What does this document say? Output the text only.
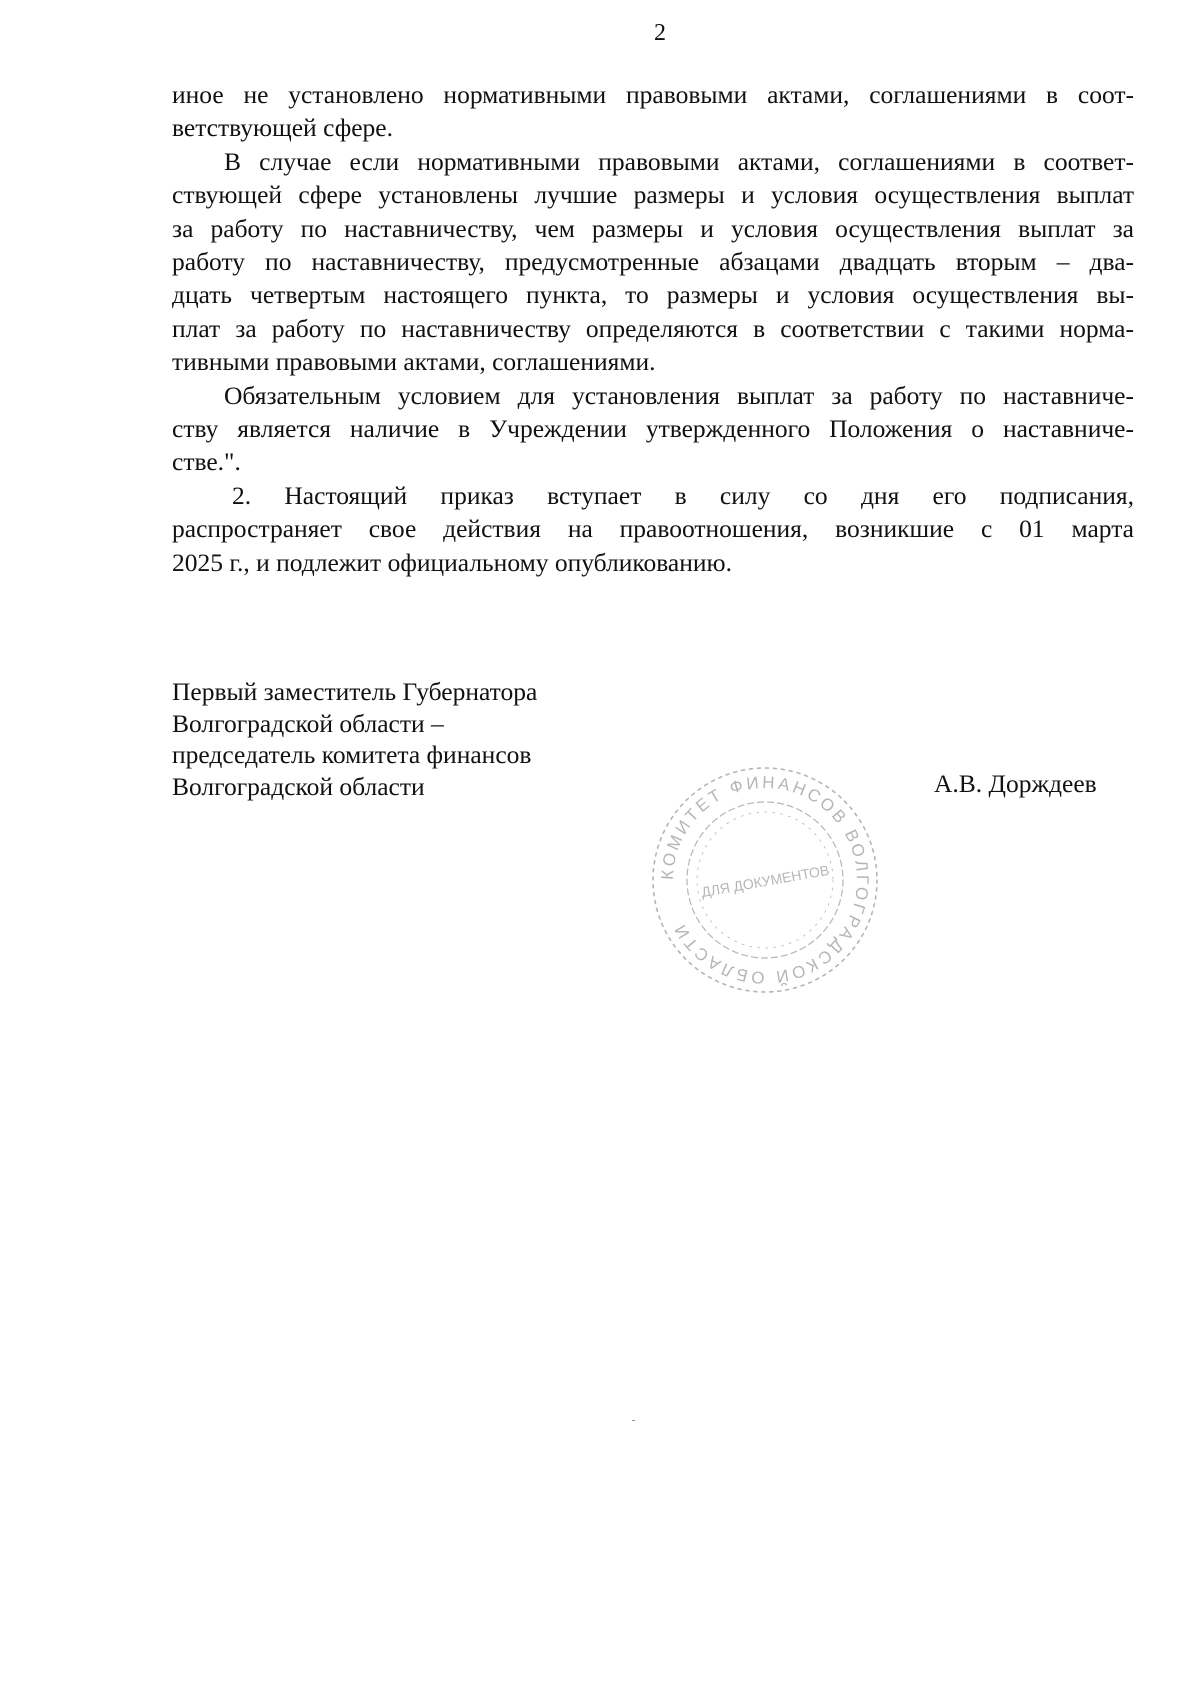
2

иное не установлено нормативными правовыми актами, соглашениями в соот-
ветствующей сфере.

В случае если нормативными правовыми актами, соглашениями в соответ-
ствующей сфере установлены лучшие размеры и условия осуществления выплат
за работу по наставничеству, чем размеры и условия осуществления выплат за
работу по наставничеству, предусмотренные абзацами двадцать вторым – два-
дцать четвертым настоящего пункта, то размеры и условия осуществления вы-
плат за работу по наставничеству определяются в соответствии с такими норма-
тивными правовыми актами, соглашениями.

Обязательным условием для установления выплат за работу по наставниче-
ству является наличие в Учреждении утвержденного Положения о наставниче-
стве.".

2. Настоящий приказ вступает в силу со дня его подписания,
распространяет свое действия на правоотношения, возникшие с 01 марта
2025 г., и подлежит официальному опубликованию.

Первый заместитель Губернатора
Волгоградской области –
председатель комитета финансов
Волгоградской области	А.В. Дорждеев
КОМИТЕТ ФИНАНСОВ ВОЛГОГРАДСКОЙ ОБЛАСТИ
ДЛЯ ДОКУМЕНТОВ
